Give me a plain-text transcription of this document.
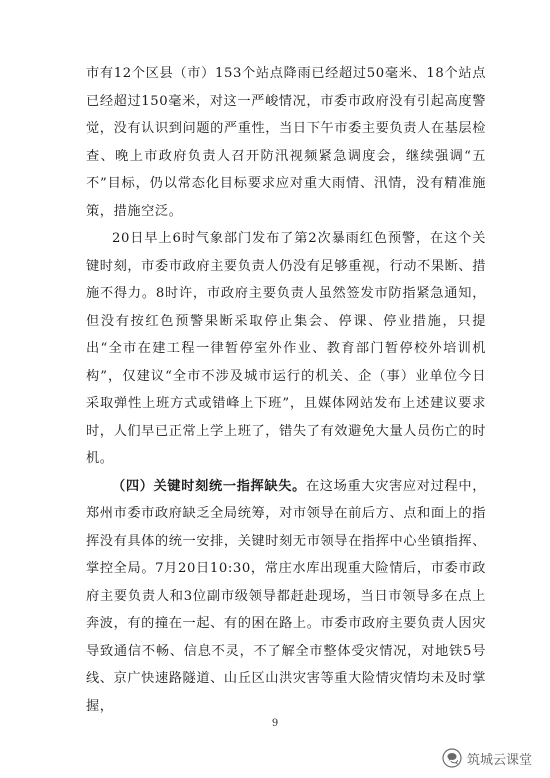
市有12个区县（市）153个站点降雨已经超过50毫米、18个站点已经超过150毫米，对这一严峻情况，市委市政府没有引起高度警觉，没有认识到问题的严重性，当日下午市委主要负责人在基层检查、晚上市政府负责人召开防汛视频紧急调度会，继续强调“五不”目标，仍以常态化目标要求应对重大雨情、汛情，没有精准施策，措施空泛。

20日早上6时气象部门发布了第2次暴雨红色预警，在这个关键时刻，市委市政府主要负责人仍没有足够重视，行动不果断、措施不得力。8时许，市政府主要负责人虽然签发市防指紧急通知，但没有按红色预警果断采取停止集会、停课、停业措施，只提出“全市在建工程一律暂停室外作业、教育部门暂停校外培训机构”，仅建议“全市不涉及城市运行的机关、企（事）业单位今日采取弹性上班方式或错峰上下班”，且媒体网站发布上述建议要求时，人们早已正常上学上班了，错失了有效避免大量人员伤亡的时机。

（四）关键时刻统一指挥缺失。在这场重大灾害应对过程中，郑州市委市政府缺乏全局统筹，对市领导在前后方、点和面上的指挥没有具体的统一安排，关键时刻无市领导在指挥中心坐镇指挥、掌控全局。7月20日10:30，常庄水库出现重大险情后，市委市政府主要负责人和3位副市级领导都赶赴现场，当日市领导多在点上奔波，有的撞在一起、有的困在路上。市委市政府主要负责人因灾导致通信不畅、信息不灵，不了解全市整体受灾情况，对地铁5号线、京广快速路隧道、山丘区山洪灾害等重大险情灾情均未及时掌握，

9
筑城云课堂
